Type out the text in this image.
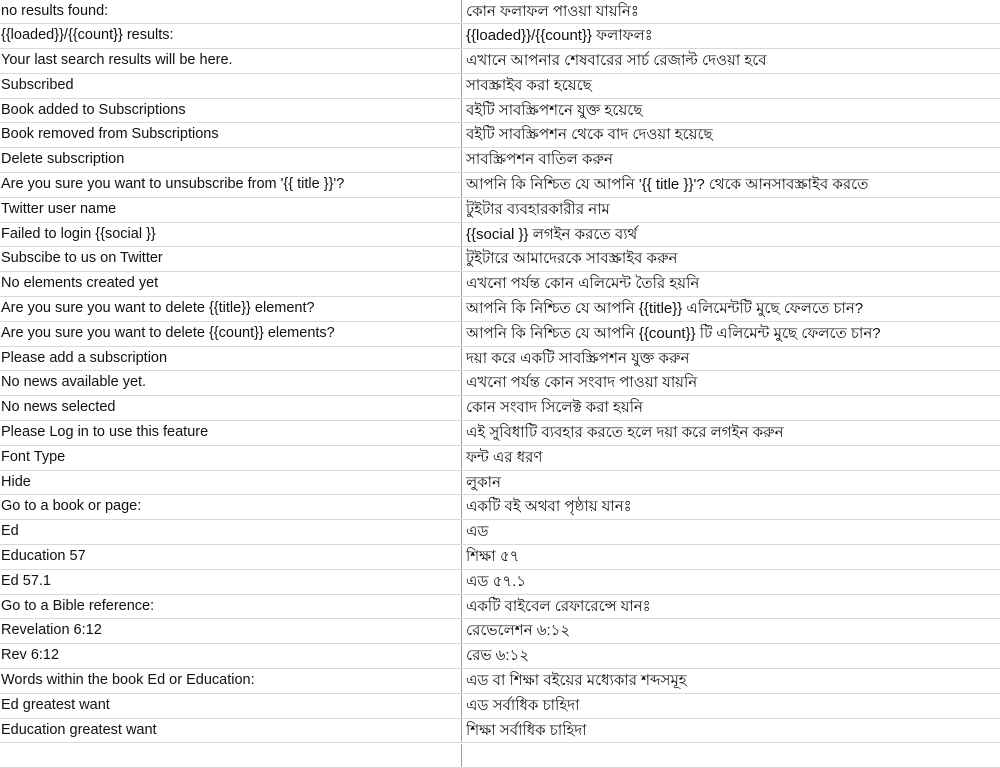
no results found:	কোন ফলাফল পাওয়া যায়নিঃ
{{loaded}}/{{count}} results:	{{loaded}}/{{count}} ফলাফলঃ
Your last search results will be here.	এখানে আপনার শেষবারের সার্চ রেজাল্ট দেওয়া হবে
Subscribed	সাবস্ক্রাইব করা হয়েছে
Book added to Subscriptions	বইটি সাবস্ক্রিপশনে যুক্ত হয়েছে
Book removed from Subscriptions	বইটি সাবস্ক্রিপশন থেকে বাদ দেওয়া হয়েছে
Delete subscription	সাবস্ক্রিপশন বাতিল করুন
Are you sure you want to unsubscribe from '{{ title }}'?	আপনি কি নিশ্চিত যে আপনি '{{ title }}'? থেকে আনসাবস্ক্রাইব করতে
Twitter user name	টুইটার ব্যবহারকারীর নাম
Failed to login {{social }}	{{social }} লগইন করতে ব্যর্থ
Subscibe to us on Twitter	টুইটারে আমাদেরকে সাবস্ক্রাইব করুন
No elements created yet	এখনো পর্যন্ত কোন এলিমেন্ট তৈরি হয়নি
Are you sure you want to delete {{title}} element?	আপনি কি নিশ্চিত যে আপনি {{title}} এলিমেন্টটি মুছে ফেলতে চান?
Are you sure you want to delete {{count}} elements?	আপনি কি নিশ্চিত যে আপনি {{count}} টি এলিমেন্ট মুছে ফেলতে চান?
Please add a subscription	দয়া করে একটি সাবস্ক্রিপশন যুক্ত করুন
No news available yet.	এখনো পর্যন্ত কোন সংবাদ পাওয়া যায়নি
No news selected	কোন সংবাদ সিলেক্ট করা হয়নি
Please Log in to use this feature	এই সুবিধাটি ব্যবহার করতে হলে দয়া করে লগইন করুন
Font Type	ফন্ট এর ধরণ
Hide	লুকান
Go to a book or page:	একটি বই অথবা পৃষ্ঠায় যানঃ
Ed	এড
Education 57	শিক্ষা ৫৭
Ed 57.1	এড ৫৭.১
Go to a Bible reference:	একটি বাইবেল রেফারেন্সে যানঃ
Revelation 6:12	রেভেলেশন ৬:১২
Rev 6:12	রেভ ৬:১২
Words within the book Ed or Education:	এড বা শিক্ষা বইয়ের মধ্যেকার শব্দসমূহ
Ed greatest want	এড সর্বাধিক চাহিদা
Education greatest want	শিক্ষা সর্বাধিক চাহিদা
